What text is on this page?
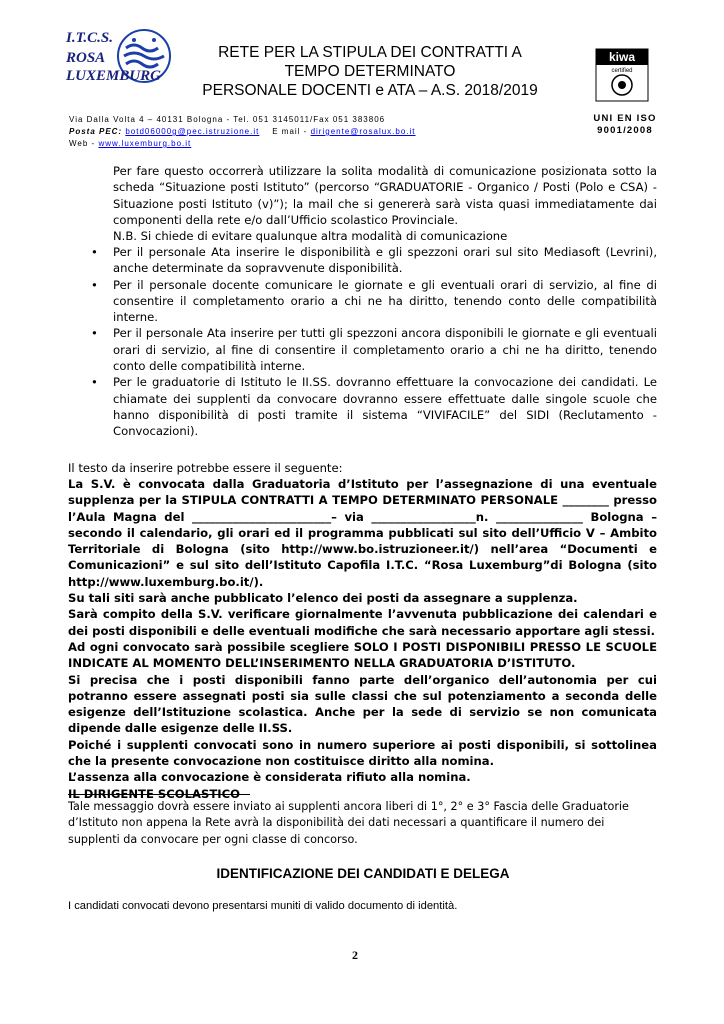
I.T.C.S.
ROSA
LUXEMBURG
RETE PER LA STIPULA DEI CONTRATTI A
TEMPO DETERMINATO
PERSONALE DOCENTI e ATA – A.S. 2018/2019
kiwa
certified
UNI EN ISO
9001/2008
Via Dalla Volta 4 – 40131 Bologna - Tel. 051 3145011/Fax 051 383806
Posta PEC: botd06000g@pec.istruzione.it E mail - dirigente@rosalux.bo.it
Web - www.luxemburg.bo.it
Per fare questo occorrerà utilizzare la solita modalità di comunicazione posizionata sotto la scheda “Situazione posti Istituto” (percorso “GRADUATORIE - Organico / Posti (Polo e CSA) - Situazione posti Istituto (v)”); la mail che si genererà sarà vista quasi immediatamente dai componenti della rete e/o dall’Ufficio scolastico Provinciale.
N.B. Si chiede di evitare qualunque altra modalità di comunicazione
• Per il personale Ata inserire le disponibilità e gli spezzoni orari sul sito Mediasoft (Levrini), anche determinate da sopravvenute disponibilità.
• Per il personale docente comunicare le giornate e gli eventuali orari di servizio, al fine di consentire il completamento orario a chi ne ha diritto, tenendo conto delle compatibilità interne.
• Per il personale Ata inserire per tutti gli spezzoni ancora disponibili le giornate e gli eventuali orari di servizio, al fine di consentire il completamento orario a chi ne ha diritto, tenendo conto delle compatibilità interne.
• Per le graduatorie di Istituto le II.SS. dovranno effettuare la convocazione dei candidati. Le chiamate dei supplenti da convocare dovranno essere effettuate dalle singole scuole che hanno disponibilità di posti tramite il sistema “VIVIFACILE” del SIDI (Reclutamento - Convocazioni).
Il testo da inserire potrebbe essere il seguente:

La S.V. è convocata dalla Graduatoria d’Istituto per l’assegnazione di una eventuale supplenza per la STIPULA CONTRATTI A TEMPO DETERMINATO PERSONALE ________ presso l’Aula Magna del ________________________– via __________________n. _______________ Bologna – secondo il calendario, gli orari ed il programma pubblicati sul sito dell’Ufficio V – Ambito Territoriale di Bologna (sito http://www.bo.istruzioneer.it/) nell’area “Documenti e Comunicazioni” e sul sito dell’Istituto Capofila I.T.C. “Rosa Luxemburg”di Bologna (sito http://www.luxemburg.bo.it/).

Su tali siti sarà anche pubblicato l’elenco dei posti da assegnare a supplenza.

Sarà compito della S.V. verificare giornalmente l’avvenuta pubblicazione dei calendari e dei posti disponibili e delle eventuali modifiche che sarà necessario apportare agli stessi.

Ad ogni convocato sarà possibile scegliere SOLO I POSTI DISPONIBILI PRESSO LE SCUOLE INDICATE AL MOMENTO DELL’INSERIMENTO NELLA GRADUATORIA D’ISTITUTO.

Si precisa che i posti disponibili fanno parte dell’organico dell’autonomia per cui potranno essere assegnati posti sia sulle classi che sul potenziamento a seconda delle esigenze dell’Istituzione scolastica. Anche per la sede di servizio se non comunicata dipende dalle esigenze delle II.SS.

Poiché i supplenti convocati sono in numero superiore ai posti disponibili, si sottolinea che la presente convocazione non costituisce diritto alla nomina.

L’assenza alla convocazione è considerata rifiuto alla nomina.

IL DIRIGENTE SCOLASTICO

Tale messaggio dovrà essere inviato ai supplenti ancora liberi di 1°, 2° e 3° Fascia delle Graduatorie d’Istituto non appena la Rete avrà la disponibilità dei dati necessari a quantificare il numero dei supplenti da convocare per ogni classe di concorso.
IDENTIFICAZIONE DEI CANDIDATI E DELEGA
I candidati convocati devono presentarsi muniti di valido documento di identità.
2
